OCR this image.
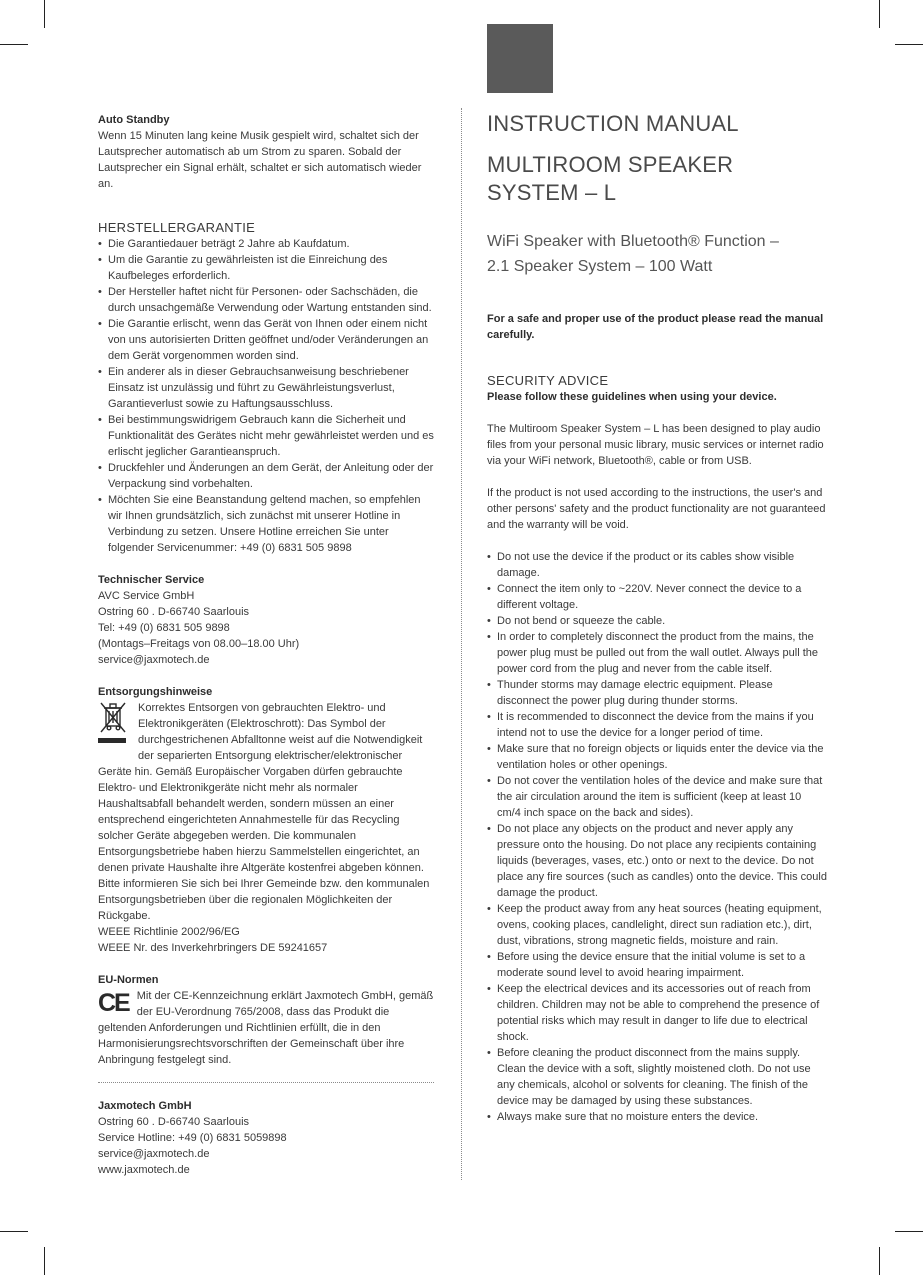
Auto Standby

Wenn 15 Minuten lang keine Musik gespielt wird, schaltet sich der Lautsprecher automatisch ab um Strom zu sparen. Sobald der Lautsprecher ein Signal erhält, schaltet er sich automatisch wieder an.

HERSTELLERGARANTIE

• Die Garantiedauer beträgt 2 Jahre ab Kaufdatum.
• Um die Garantie zu gewährleisten ist die Einreichung des Kaufbeleges erforderlich.
• Der Hersteller haftet nicht für Personen- oder Sachschäden, die durch unsachgemäße Verwendung oder Wartung entstanden sind.
• Die Garantie erlischt, wenn das Gerät von Ihnen oder einem nicht von uns autorisierten Dritten geöffnet und/oder Veränderungen an dem Gerät vorgenommen worden sind.
• Ein anderer als in dieser Gebrauchsanweisung beschriebener Einsatz ist unzulässig und führt zu Gewährleistungsverlust, Garantieverlust sowie zu Haftungsausschluss.
• Bei bestimmungswidrigem Gebrauch kann die Sicherheit und Funktionalität des Gerätes nicht mehr gewährleistet werden und es erlischt jeglicher Garantieanspruch.
• Druckfehler und Änderungen an dem Gerät, der Anleitung oder der Verpackung sind vorbehalten.
• Möchten Sie eine Beanstandung geltend machen, so empfehlen wir Ihnen grundsätzlich, sich zunächst mit unserer Hotline in Verbindung zu setzen. Unsere Hotline erreichen Sie unter folgender Servicenummer: +49 (0) 6831 505 9898

Technischer Service

AVC Service GmbH

Ostring 60 . D-66740 Saarlouis

Tel: +49 (0) 6831 505 9898

(Montags–Freitags von 08.00–18.00 Uhr)

service@jaxmotech.de

Entsorgungshinweise

Korrektes Entsorgen von gebrauchten Elektro- und Elektronikgeräten (Elektroschrott): Das Symbol der durchgestrichenen Abfalltonne weist auf die Notwendigkeit der separierten Entsorgung elektrischer/elektronischer Geräte hin. Gemäß Europäischer Vorgaben dürfen gebrauchte Elektro- und Elektronikgeräte nicht mehr als normaler Haushaltsabfall behandelt werden, sondern müssen an einer entsprechend eingerichteten Annahmestelle für das Recycling solcher Geräte abgegeben werden. Die kommunalen Entsorgungsbetriebe haben hierzu Sammelstellen eingerichtet, an denen private Haushalte ihre Altgeräte kostenfrei abgeben können. Bitte informieren Sie sich bei Ihrer Gemeinde bzw. den kommunalen Entsorgungsbetrieben über die regionalen Möglichkeiten der Rückgabe.

WEEE Richtlinie 2002/96/EG

WEEE Nr. des Inverkehrbringers DE 59241657

EU-Normen

CE Mit der CE-Kennzeichnung erklärt Jaxmotech GmbH, gemäß der EU-Verordnung 765/2008, dass das Produkt die geltenden Anforderungen und Richtlinien erfüllt, die in den Harmonisierungsrechtsvorschriften der Gemeinschaft über ihre Anbringung festgelegt sind.

Jaxmotech GmbH

Ostring 60 . D-66740 Saarlouis

Service Hotline: +49 (0) 6831 5059898

service@jaxmotech.de

www.jaxmotech.de

INSTRUCTION MANUAL

MULTIROOM SPEAKER SYSTEM – L

WiFi Speaker with Bluetooth® Function –

2.1 Speaker System – 100 Watt

For a safe and proper use of the product please read the manual carefully.

SECURITY ADVICE

Please follow these guidelines when using your device.

The Multiroom Speaker System – L has been designed to play audio files from your personal music library, music services or internet radio via your WiFi network, Bluetooth®, cable or from USB.

If the product is not used according to the instructions, the user's and other persons' safety and the product functionality are not guaranteed and the warranty will be void.

• Do not use the device if the product or its cables show visible damage.
• Connect the item only to ~220V. Never connect the device to a different voltage.
• Do not bend or squeeze the cable.
• In order to completely disconnect the product from the mains, the power plug must be pulled out from the wall outlet. Always pull the power cord from the plug and never from the cable itself.
• Thunder storms may damage electric equipment. Please disconnect the power plug during thunder storms.
• It is recommended to disconnect the device from the mains if you intend not to use the device for a longer period of time.
• Make sure that no foreign objects or liquids enter the device via the ventilation holes or other openings.
• Do not cover the ventilation holes of the device and make sure that the air circulation around the item is sufficient (keep at least 10 cm/4 inch space on the back and sides).
• Do not place any objects on the product and never apply any pressure onto the housing. Do not place any recipients containing liquids (beverages, vases, etc.) onto or next to the device. Do not place any fire sources (such as candles) onto the device. This could damage the product.
• Keep the product away from any heat sources (heating equipment, ovens, cooking places, candlelight, direct sun radiation etc.), dirt, dust, vibrations, strong magnetic fields, moisture and rain.
• Before using the device ensure that the initial volume is set to a moderate sound level to avoid hearing impairment.
• Keep the electrical devices and its accessories out of reach from children. Children may not be able to comprehend the presence of potential risks which may result in danger to life due to electrical shock.
• Before cleaning the product disconnect from the mains supply. Clean the device with a soft, slightly moistened cloth. Do not use any chemicals, alcohol or solvents for cleaning. The finish of the device may be damaged by using these substances.
• Always make sure that no moisture enters the device.
